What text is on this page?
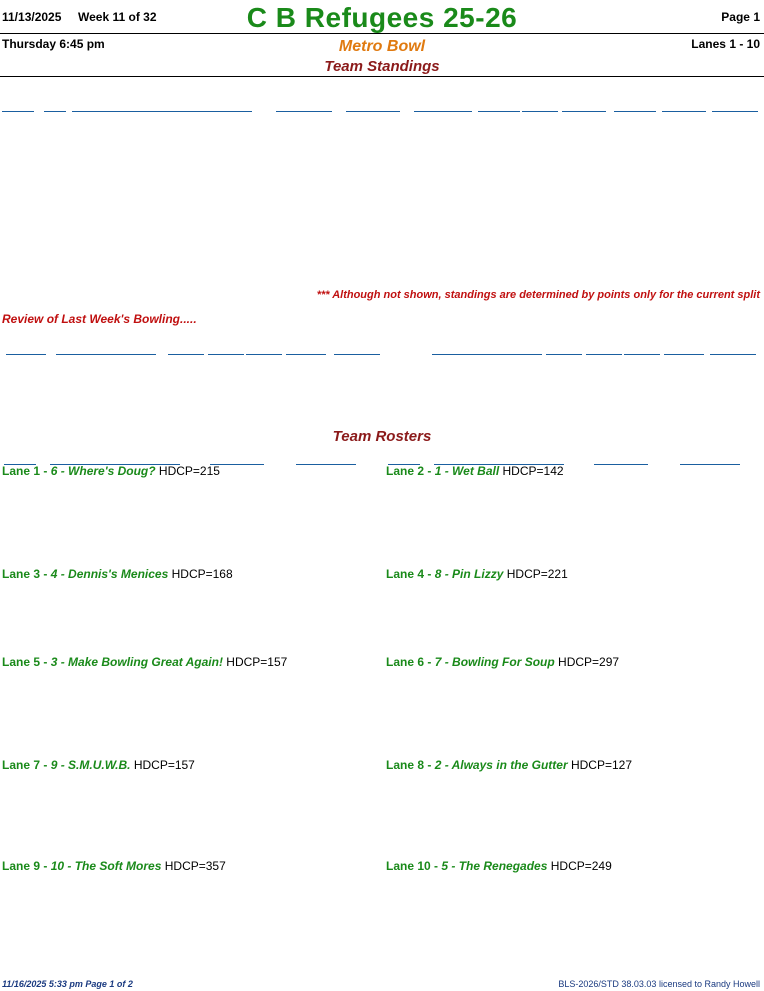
11/13/2025 Week 11 of 32	C B Refugees 25-26	Page 1
Thursday 6:45 pm	Metro Bowl	Lanes 1 - 10
Team Standings
*** Although not shown, standings are determined by points only for the current split
Review of Last Week's Bowling.....
Team Rosters
Lane 1 - 6 - Where's Doug? HDCP=215
Lane 3 - 4 - Dennis's Menices HDCP=168
Lane 5 - 3 - Make Bowling Great Again! HDCP=157
Lane 7 - 9 - S.M.U.W.B. HDCP=157
Lane 9 - 10 - The Soft Mores HDCP=357
Lane 2 - 1 - Wet Ball HDCP=142
Lane 4 - 8 - Pin Lizzy HDCP=221
Lane 6 - 7 - Bowling For Soup HDCP=297
Lane 8 - 2 - Always in the Gutter HDCP=127
Lane 10 - 5 - The Renegades HDCP=249
11/16/2025 5:33 pm Page 1 of 2	BLS-2026/STD 38.03.03 licensed to Randy Howell
